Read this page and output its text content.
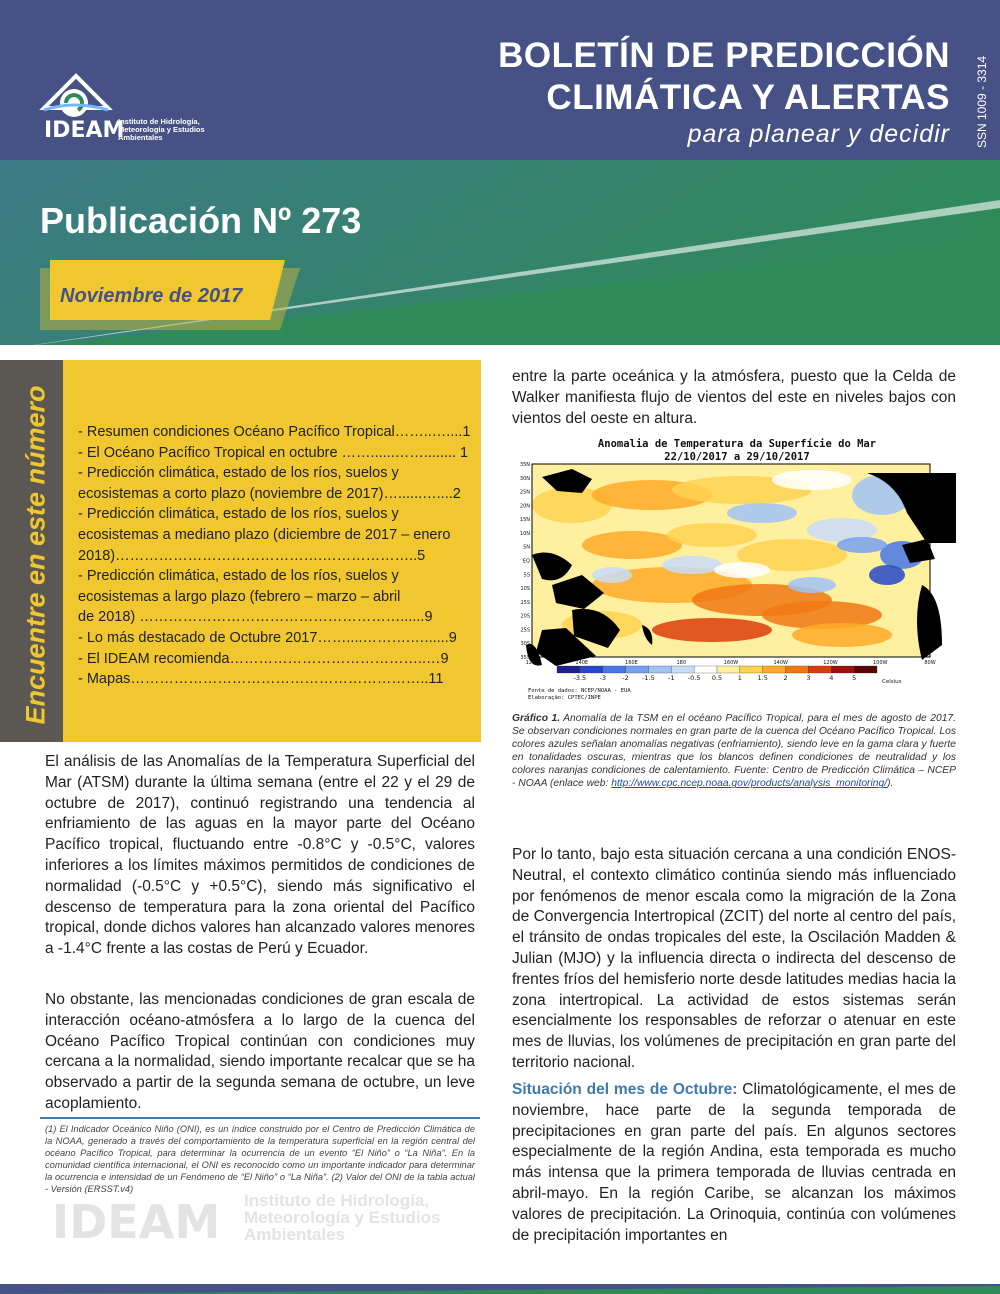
IDEAM
Instituto de Hidrología, Meteorología y Estudios Ambientales
BOLETÍN DE PREDICCIÓN
CLIMÁTICA Y ALERTAS
para planear y decidir SSN 1009 - 3314
Publicación Nº 273
Noviembre de 2017
Encuentre en este número - Resumen condiciones Océano Pacífico Tropical……..…....1
- El Océano Pacífico Tropical en octubre ……......……........ 1
- Predicción climática, estado de los ríos, suelos y
ecosistemas a corto plazo (noviembre de 2017)…......…....2
- Predicción climática, estado de los ríos, suelos y
ecosistemas a mediano plazo (diciembre de 2017 – enero
2018)…………………………………….………………..5
- Predicción climática, estado de los ríos, suelos y
ecosistemas a largo plazo (febrero – marzo – abril
de 2018) ………………………………………………......9
- Lo más destacado de Octubre 2017……....……….…......9
- El IDEAM recomienda…………………………………..…9
- Mapas……………………………………………………..11
El análisis de las Anomalías de la Temperatura Superficial del Mar (ATSM) durante la última semana (entre el 22 y el 29 de octubre de 2017), continuó registrando una tendencia al enfriamiento de las aguas en la mayor parte del Océano Pacífico tropical, fluctuando entre -0.8°C y -0.5°C, valores inferiores a los límites máximos permitidos de condiciones de normalidad (-0.5°C y +0.5°C), siendo más significativo el descenso de temperatura para la zona oriental del Pacífico tropical, donde dichos valores han alcanzado valores menores a -1.4°C frente a las costas de Perú y Ecuador.
No obstante, las mencionadas condiciones de gran escala de interacción océano-atmósfera a lo largo de la cuenca del Océano Pacífico Tropical continúan con condiciones muy cercana a la normalidad, siendo importante recalcar que se ha observado a partir de la segunda semana de octubre, un leve acoplamiento.
entre la parte oceánica y la atmósfera, puesto que la Celda de Walker manifiesta flujo de vientos del este en niveles bajos con vientos del oeste en altura.
Por lo tanto, bajo esta situación cercana a una condición ENOS-Neutral, el contexto climático continúa siendo más influenciado por fenómenos de menor escala como la migración de la Zona de Convergencia Intertropical (ZCIT) del norte al centro del país, el tránsito de ondas tropicales del este, la Oscilación Madden & Julian (MJO) y la influencia directa o indirecta del descenso de frentes fríos del hemisferio norte desde latitudes medias hacia la zona intertropical. La actividad de estos sistemas serán esencialmente los responsables de reforzar o atenuar en este mes de lluvias, los volúmenes de precipitación en gran parte del territorio nacional.
Situación del mes de Octubre: Climatológicamente, el mes de noviembre, hace parte de la segunda temporada de precipitaciones en gran parte del país. En algunos sectores especialmente de la región Andina, esta temporada es mucho más intensa que la primera temporada de lluvias centrada en abril-mayo. En la región Caribe, se alcanzan los máximos valores de precipitación. La Orinoquia, continúa con volúmenes de precipitación importantes en
(1) El Indicador Oceánico Niño (ONI), es un índice construido por el Centro de Predicción Climática de la NOAA, generado a través del comportamiento de la temperatura superficial en la región central del océano Pacífico Tropical, para determinar la ocurrencia de un evento “El Niño” o “La Niña”. En la comunidad científica internacional, el ONI es reconocido como un importante indicador para determinar la ocurrencia e intensidad de un Fenómeno de “El Niño” o “La Niña”. (2) Valor del ONI de la tabla actual - Versión (ERSST.v4)
IDEAM Instituto de Hidrología, Meteorología y Estudios Ambientales
Anomalia de Temperatura da Superfície do Mar
22/10/2017 a 29/10/2017
35N
30N
25N
20N
15N
10N
5N
EQ
5S
10S
15S
20S
25S
30S
35S
120E	140E	160E	180	160W	140W	120W	100W	80W
-3.5 -3	-2 -1.5 -1 -0.5 0.5 1 1.5 2	3	4	5	Celsius
Fonte de dados: NCEP/NOAA - EUA
Elaboração: CPTEC/INPE
Gráfico 1. Anomalía de la TSM en el océano Pacífico Tropical, para el mes de agosto de 2017. Se observan condiciones normales en gran parte de la cuenca del Océano Pacífico Tropical. Los colores azules señalan anomalías negativas (enfriamiento), siendo leve en la gama clara y fuerte en tonalidades oscuras, mientras que los blancos definen condiciones de neutralidad y los colores naranjas condiciones de calentamiento. Fuente: Centro de Predicción Climática – NCEP - NOAA (enlace web: http://www.cpc.ncep.noaa.gov/products/analysis_monitoring/).
